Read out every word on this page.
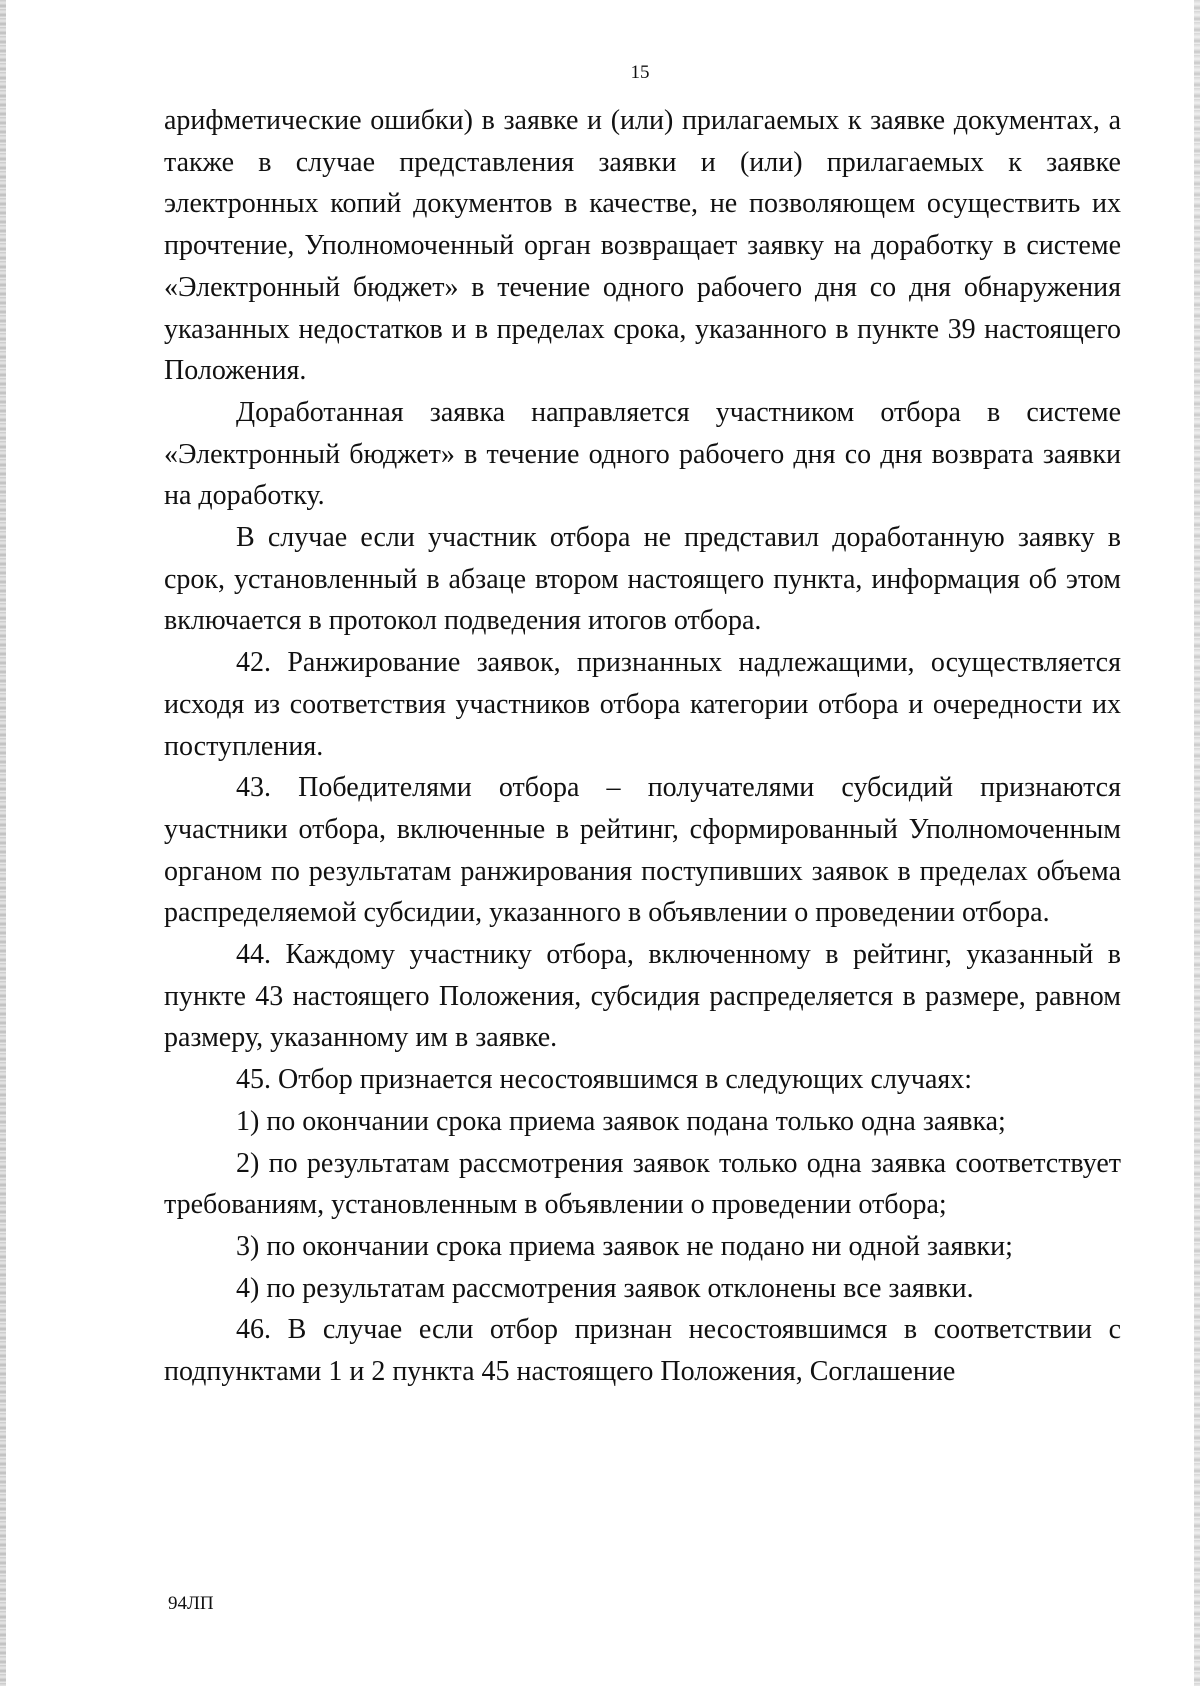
15

арифметические ошибки) в заявке и (или) прилагаемых к заявке документах, а также в случае представления заявки и (или) прилагаемых к заявке электронных копий документов в качестве, не позволяющем осуществить их прочтение, Уполномоченный орган возвращает заявку на доработку в системе «Электронный бюджет» в течение одного рабочего дня со дня обнаружения указанных недостатков и в пределах срока, указанного в пункте 39 настоящего Положения.

Доработанная заявка направляется участником отбора в системе «Электронный бюджет» в течение одного рабочего дня со дня возврата заявки на доработку.

В случае если участник отбора не представил доработанную заявку в срок, установленный в абзаце втором настоящего пункта, информация об этом включается в протокол подведения итогов отбора.

42. Ранжирование заявок, признанных надлежащими, осуществляется исходя из соответствия участников отбора категории отбора и очередности их поступления.

43. Победителями отбора – получателями субсидий признаются участники отбора, включенные в рейтинг, сформированный Уполномоченным органом по результатам ранжирования поступивших заявок в пределах объема распределяемой субсидии, указанного в объявлении о проведении отбора.

44. Каждому участнику отбора, включенному в рейтинг, указанный в пункте 43 настоящего Положения, субсидия распределяется в размере, равном размеру, указанному им в заявке.

45. Отбор признается несостоявшимся в следующих случаях:

1) по окончании срока приема заявок подана только одна заявка;

2) по результатам рассмотрения заявок только одна заявка соответствует требованиям, установленным в объявлении о проведении отбора;

3) по окончании срока приема заявок не подано ни одной заявки;

4) по результатам рассмотрения заявок отклонены все заявки.

46. В случае если отбор признан несостоявшимся в соответствии с подпунктами 1 и 2 пункта 45 настоящего Положения, Соглашение

94ЛП
